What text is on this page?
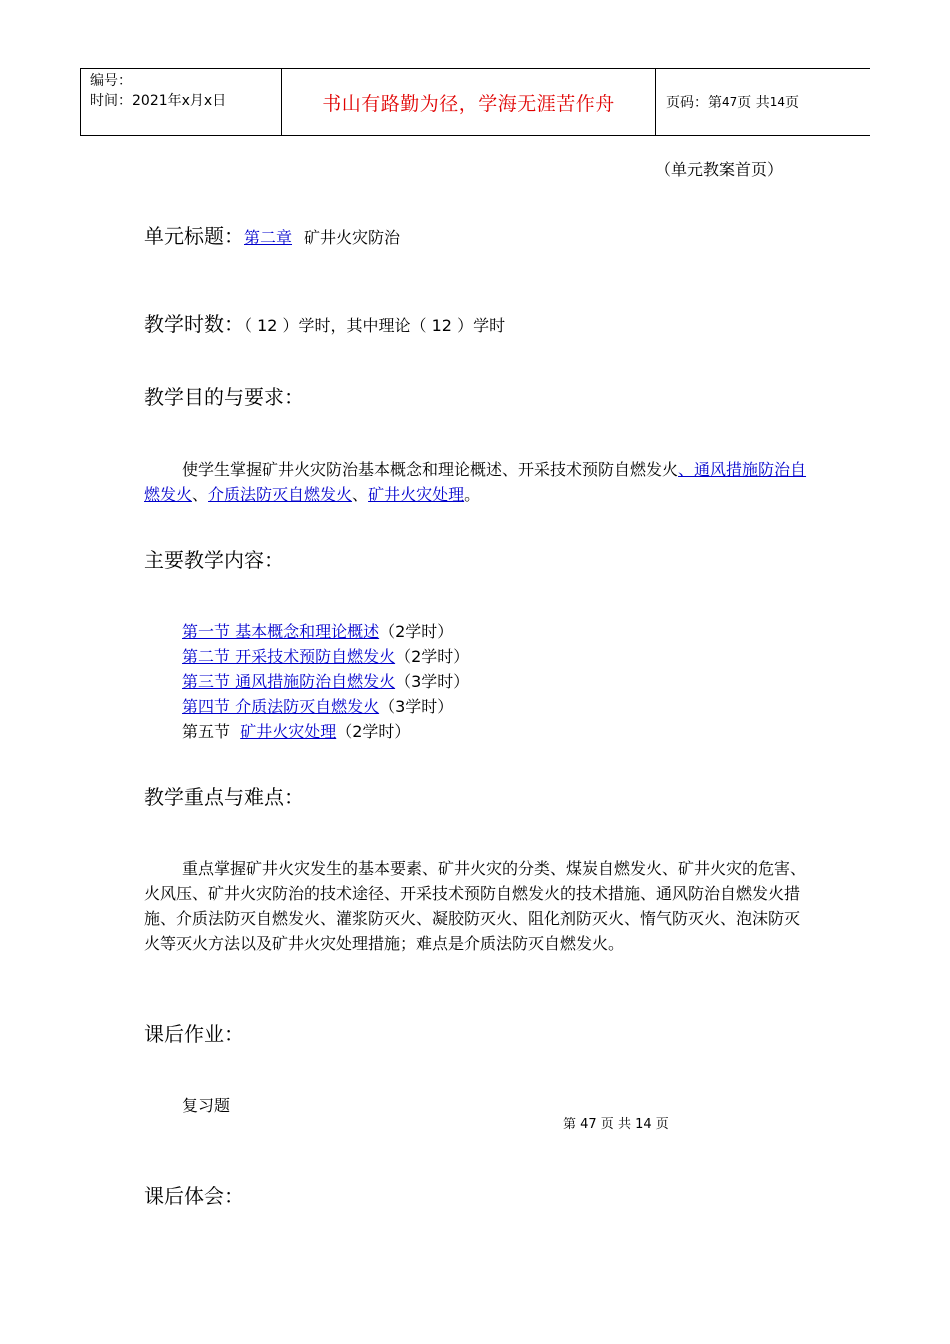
编号：
时间：2021年x月x日	书山有路勤为径，学海无涯苦作舟	页码：第 47 页 共 14 页
（单元教案首页）
单元标题：第二章 矿井火灾防治
教学时数：（ 12 ）学时，其中理论（ 12 ）学时
教学目的与要求：
使学生掌握矿井火灾防治基本概念和理论概述、开采技术预防自燃发火、通风措施防治自燃发火、介质法防灭自燃发火、矿井火灾处理。
主要教学内容：
第一节 基本概念和理论概述（2学时）
第二节 开采技术预防自燃发火（2学时）
第三节 通风措施防治自燃发火（3学时）
第四节 介质法防灭自燃发火（3学时）
第五节  矿井火灾处理（2学时）
教学重点与难点：
重点掌握矿井火灾发生的基本要素、矿井火灾的分类、煤炭自燃发火、矿井火灾的危害、火风压、矿井火灾防治的技术途径、开采技术预防自燃发火的技术措施、通风防治自燃发火措施、介质法防灭自燃发火、灌浆防灭火、凝胶防灭火、阻化剂防灭火、惰气防灭火、泡沫防灭火等灭火方法以及矿井火灾处理措施；难点是介质法防灭自燃发火。
课后作业：
复习题
第 47 页 共 14 页
课后体会：
